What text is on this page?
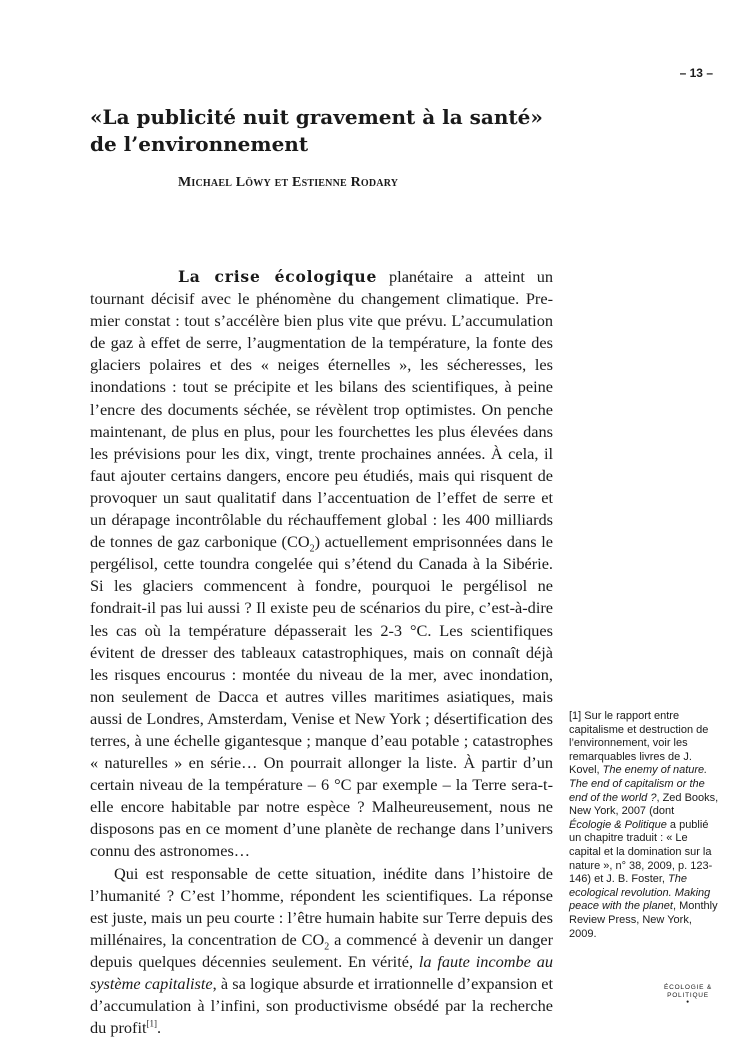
– 13 –
«La publicité nuit gravement à la santé» de l’environnement
Michael Löwy et Estienne Rodary

La crise écologique planétaire a atteint un tournant décisif avec le phénomène du changement climatique. Premier constat : tout s’accélère bien plus vite que prévu. L’accumulation de gaz à effet de serre, l’augmentation de la température, la fonte des glaciers polaires et des « neiges éternelles », les sécheresses, les inondations : tout se précipite et les bilans des scientifiques, à peine l’encre des documents séchée, se révèlent trop optimistes. On penche maintenant, de plus en plus, pour les fourchettes les plus élevées dans les prévisions pour les dix, vingt, trente prochaines années. À cela, il faut ajouter certains dangers, encore peu étudiés, mais qui risquent de provoquer un saut qualitatif dans l’accentuation de l’effet de serre et un dérapage incontrôlable du réchauffement global : les 400 milliards de tonnes de gaz carbonique $(CO_2)$ actuellement emprisonnées dans le pergélisol, cette toundra congelée qui s’étend du Canada à la Sibérie. Si les glaciers commencent à fondre, pourquoi le pergélisol ne fondrait-il pas lui aussi ? Il existe peu de scénarios du pire, c’est-à-dire les cas où la température dépasserait les 2-3 °C. Les scientifiques évitent de dresser des tableaux catastrophiques, mais on connaît déjà les risques encourus : montée du niveau de la mer, avec inondation, non seulement de Dacca et autres villes maritimes asiatiques, mais aussi de Londres, Amsterdam, Venise et New York ; désertification des terres, à une échelle gigantesque ; manque d’eau potable ; catastrophes « naturelles » en série… On pourrait allonger la liste. À partir d’un certain niveau de la température – 6 °C par exemple – la Terre sera-t-elle encore habitable par notre espèce ? Malheureusement, nous ne disposons pas en ce moment d’une planète de rechange dans l’univers connu des astronomes…

Qui est responsable de cette situation, inédite dans l’histoire de l’humanité ? C’est l’homme, répondent les scientifiques. La réponse est juste, mais un peu courte : l’être humain habite sur Terre depuis des millénaires, la concentration de $CO_2$ a commencé à devenir un danger depuis quelques décennies seulement. En vérité, la faute incombe au système capitaliste, à sa logique absurde et irrationnelle d’expansion et d’accumulation à l’infini, son productivisme obsédé par la recherche du profit[1].

[1] Sur le rapport entre capitalisme et destruction de l’environnement, voir les remarquables livres de J. Kovel, The enemy of nature. The end of capitalism or the end of the world ?, Zed Books, New York, 2007 (dont Écologie & Politique a publié un chapitre traduit : « Le capital et la domination sur la nature », n° 38, 2009, p. 123-146) et J. B. Foster, The ecological revolution. Making peace with the planet, Monthly Review Press, New York, 2009.
ÉCOLOGIE &
POLITIQUE
●
